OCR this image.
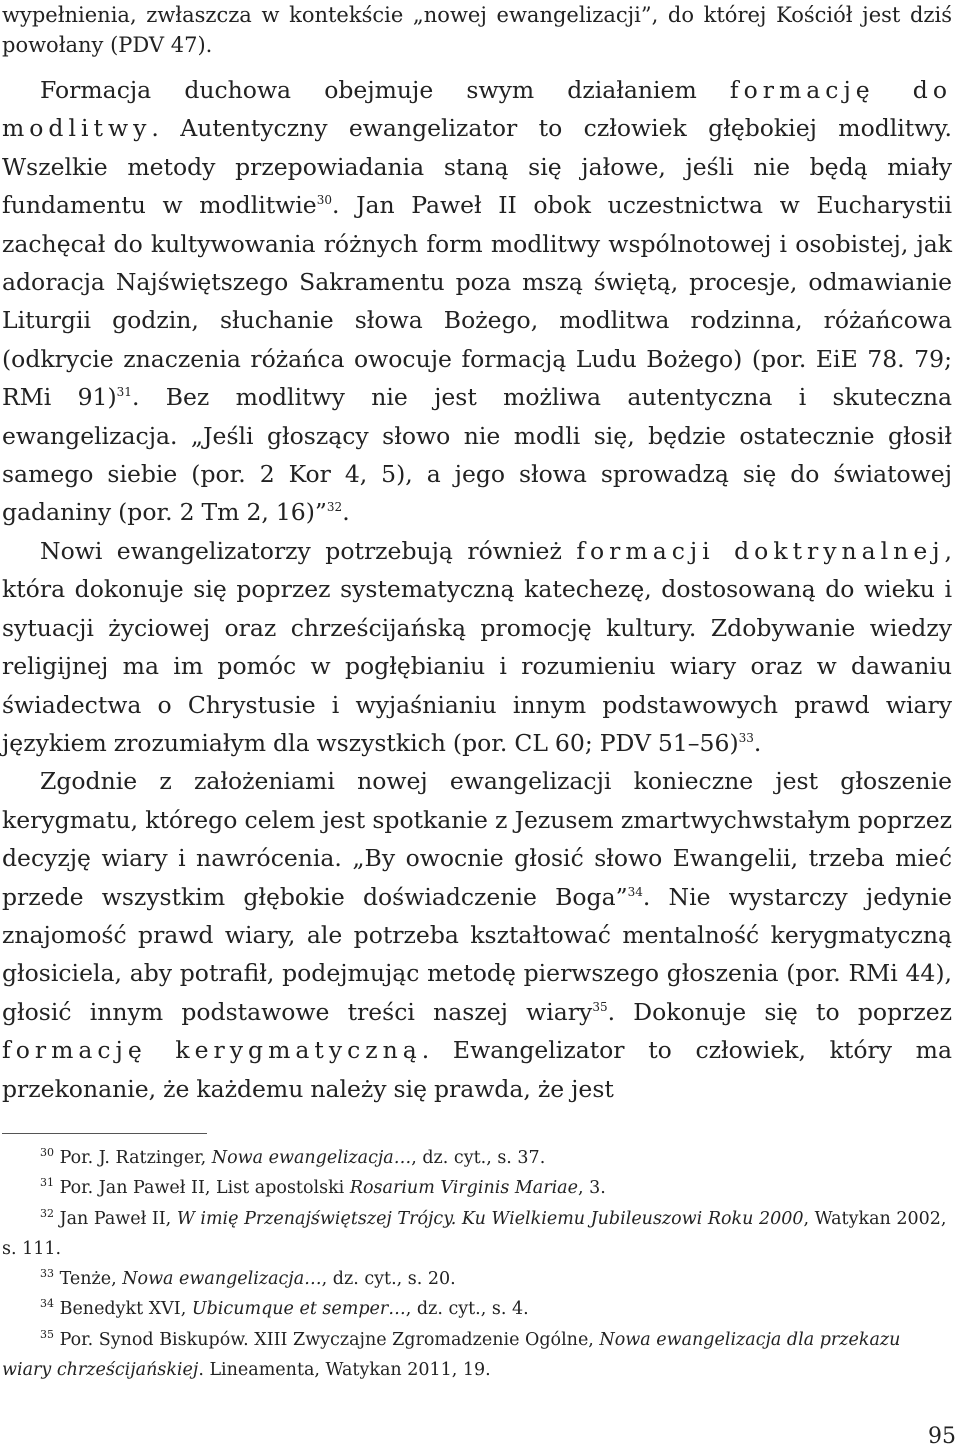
wypełnienia, zwłaszcza w kontekście „nowej ewangelizacji”, do której Kościół jest dziś powołany (PDV 47).

Formacja duchowa obejmuje swym działaniem formację do modlitwy. Autentyczny ewangelizator to człowiek głębokiej modlitwy. Wszelkie metody przepowiadania staną się jałowe, jeśli nie będą miały fundamentu w modlitwie$^{30}$. Jan Paweł II obok uczestnictwa w Eucharystii zachęcał do kultywowania różnych form modlitwy wspólnotowej i osobistej, jak adoracja Najświętszego Sakramentu poza mszą świętą, procesje, odmawianie Liturgii godzin, słuchanie słowa Bożego, modlitwa rodzinna, różańcowa (odkrycie znaczenia różańca owocuje formacją Ludu Bożego) (por. EiE 78. 79; RMi 91)$^{31}$. Bez modlitwy nie jest możliwa autentyczna i skuteczna ewangelizacja. „Jeśli głoszący słowo nie modli się, będzie ostatecznie głosił samego siebie (por. 2 Kor 4, 5), a jego słowa sprowadzą się do światowej gadaniny (por. 2 Tm 2, 16)”$^{32}$.

Nowi ewangelizatorzy potrzebują również formacji doktrynalnej, która dokonuje się poprzez systematyczną katechezę, dostosowaną do wieku i sytuacji życiowej oraz chrześcijańską promocję kultury. Zdobywanie wiedzy religijnej ma im pomóc w pogłębianiu i rozumieniu wiary oraz w dawaniu świadectwa o Chrystusie i wyjaśnianiu innym podstawowych prawd wiary językiem zrozumiałym dla wszystkich (por. CL 60; PDV 51–56)$^{33}$.

Zgodnie z założeniami nowej ewangelizacji konieczne jest głoszenie kerygmatu, którego celem jest spotkanie z Jezusem zmartwychwstałym poprzez decyzję wiary i nawrócenia. „By owocnie głosić słowo Ewangelii, trzeba mieć przede wszystkim głębokie doświadczenie Boga”$^{34}$. Nie wystarczy jedynie znajomość prawd wiary, ale potrzeba kształtować mentalność kerygmatyczną głosiciela, aby potrafił, podejmując metodę pierwszego głoszenia (por. RMi 44), głosić innym podstawowe treści naszej wiary$^{35}$. Dokonuje się to poprzez formację kerygmatyczną. Ewangelizator to człowiek, który ma przekonanie, że każdemu należy się prawda, że jest

$^{30}$ Por. J. Ratzinger, Nowa ewangelizacja…, dz. cyt., s. 37.

$^{31}$ Por. Jan Paweł II, List apostolski Rosarium Virginis Mariae, 3.

$^{32}$ Jan Paweł II, W imię Przenajświętszej Trójcy. Ku Wielkiemu Jubileuszowi Roku 2000, Watykan 2002, s. 111.

$^{33}$ Tenże, Nowa ewangelizacja…, dz. cyt., s. 20.

$^{34}$ Benedykt XVI, Ubicumque et semper…, dz. cyt., s. 4.

$^{35}$ Por. Synod Biskupów. XIII Zwyczajne Zgromadzenie Ogólne, Nowa ewangelizacja dla przekazu wiary chrześcijańskiej. Lineamenta, Watykan 2011, 19.

95
